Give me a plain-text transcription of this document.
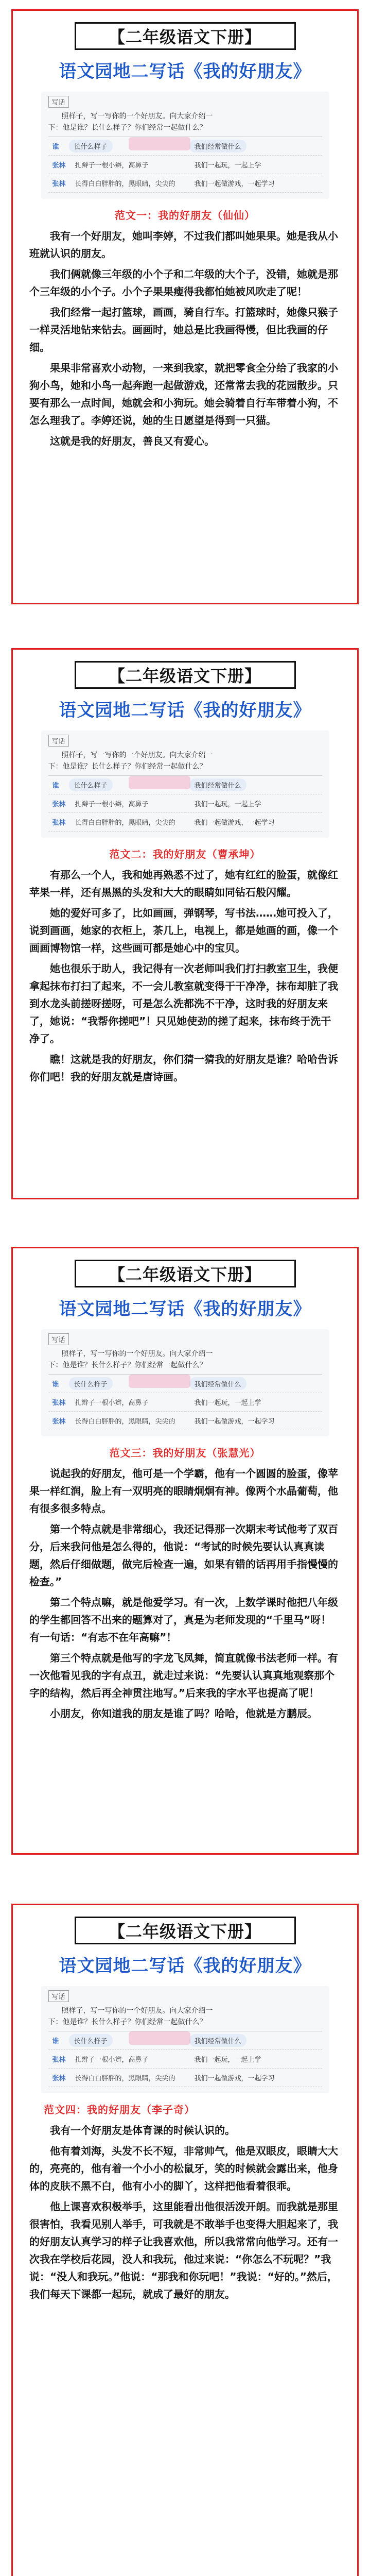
【二年级语文下册】
语文园地二写话《我的好朋友》
写话
照样子，写一写你的一个好朋友。向大家介绍一
下：他是谁？长什么样子？你们经常一起做什么？
谁	长什么样子	我们经常做什么
张林	扎辫子一根小辫，高鼻子	我们一起玩，一起上学
张林	长得白白胖胖的，黑眼睛，尖尖的	我们一起做游戏，一起学习
范文一：我的好朋友（仙仙）

我有一个好朋友，她叫李婷，不过我们都叫她果果。她是我从小班就认识的朋友。

我们俩就像三年级的小个子和二年级的大个子，没错，她就是那个三年级的小个子。小个子果果瘦得我都怕她被风吹走了呢！

我们经常一起打篮球，画画，骑自行车。打篮球时，她像只猴子一样灵活地钻来钻去。画画时，她总是比我画得慢，但比我画的仔细。

果果非常喜欢小动物，一来到我家，就把零食全分给了我家的小狗小鸟，她和小鸟一起奔跑一起做游戏，还常常去我的花园散步。只要有那么一点时间，她就会和小狗玩。她会骑着自行车带着小狗，不怎么理我了。李婷还说，她的生日愿望是得到一只猫。

这就是我的好朋友，善良又有爱心。

【二年级语文下册】
语文园地二写话《我的好朋友》
写话
照样子，写一写你的一个好朋友。向大家介绍一
下：他是谁？长什么样子？你们经常一起做什么？
谁	长什么样子	我们经常做什么
张林	扎辫子一根小辫，高鼻子	我们一起玩，一起上学
张林	长得白白胖胖的，黑眼睛，尖尖的	我们一起做游戏，一起学习
范文二：我的好朋友（曹承坤）

有那么一个人，我和她再熟悉不过了，她有红红的脸蛋，就像红苹果一样，还有黑黑的头发和大大的眼睛如同钻石般闪耀。

她的爱好可多了，比如画画，弹钢琴，写书法……她可投入了，说到画画，她家的衣柜上，茶几上，电视上，都是她画的画，像一个画画博物馆一样，这些画可都是她心中的宝贝。

她也很乐于助人，我记得有一次老师叫我们打扫教室卫生，我便拿起抹布打扫了起来，不一会儿教室就变得干干净净，抹布却脏了我到水龙头前搓呀搓呀，可是怎么洗都洗不干净，这时我的好朋友来了，她说：“我帮你搓吧”！只见她使劲的搓了起来，抹布终于洗干净了。

瞧！这就是我的好朋友，你们猜一猜我的好朋友是谁？哈哈告诉你们吧！我的好朋友就是唐诗画。

【二年级语文下册】
语文园地二写话《我的好朋友》
写话
照样子，写一写你的一个好朋友。向大家介绍一
下：他是谁？长什么样子？你们经常一起做什么？
谁	长什么样子	我们经常做什么
张林	扎辫子一根小辫，高鼻子	我们一起玩，一起上学
张林	长得白白胖胖的，黑眼睛，尖尖的	我们一起做游戏，一起学习
范文三：我的好朋友（张慧光）

说起我的好朋友，他可是一个学霸，他有一个圆圆的脸蛋，像苹果一样红润，脸上有一双明亮的眼睛炯炯有神。像两个水晶葡萄，他有很多很多特点。

第一个特点就是非常细心，我还记得那一次期末考试他考了双百分，后来我问他是怎么得的，他说：“考试的时候先要认认真真读题，然后仔细做题，做完后检查一遍，如果有错的话再用手指慢慢的检查。”

第二个特点嘛，就是他爱学习。有一次，上数学课时他把八年级的学生都回答不出来的题算对了，真是为老师发现的“千里马”呀！有一句话：“有志不在年高嘛”！

第三个特点就是他写的字龙飞凤舞，简直就像书法老师一样。有一次他看见我的字有点丑，就走过来说：“先要认认真真地观察那个字的结构，然后再全神贯注地写。”后来我的字水平也提高了呢！

小朋友，你知道我的朋友是谁了吗？哈哈，他就是方鹏辰。

【二年级语文下册】
语文园地二写话《我的好朋友》
写话
照样子，写一写你的一个好朋友。向大家介绍一
下：他是谁？长什么样子？你们经常一起做什么？
谁	长什么样子	我们经常做什么
张林	扎辫子一根小辫，高鼻子	我们一起玩，一起上学
张林	长得白白胖胖的，黑眼睛，尖尖的	我们一起做游戏，一起学习
范文四：我的好朋友（李子奇）

我有一个好朋友是体育课的时候认识的。

他有着刘海，头发不长不短，非常帅气，他是双眼皮，眼睛大大的，亮亮的，他有着一个小小的松鼠牙，笑的时候就会露出来，他身体的皮肤不黑不白，他有小小的脚丫，这样把他看着很乖。

他上课喜欢积极举手，这里能看出他很活泼开朗。而我就是那里很害怕，我看见别人举手，可我就是不敢举手也变得大胆起来了，我的好朋友认真学习的样子让我喜欢他，所以我常常向他学习。还有一次我在学校后花园，没人和我玩，他过来说：“你怎么不玩呢？”我说：“没人和我玩。”他说：“那我和你玩吧！”我说：“好的。”然后，我们每天下课都一起玩，就成了最好的朋友。
